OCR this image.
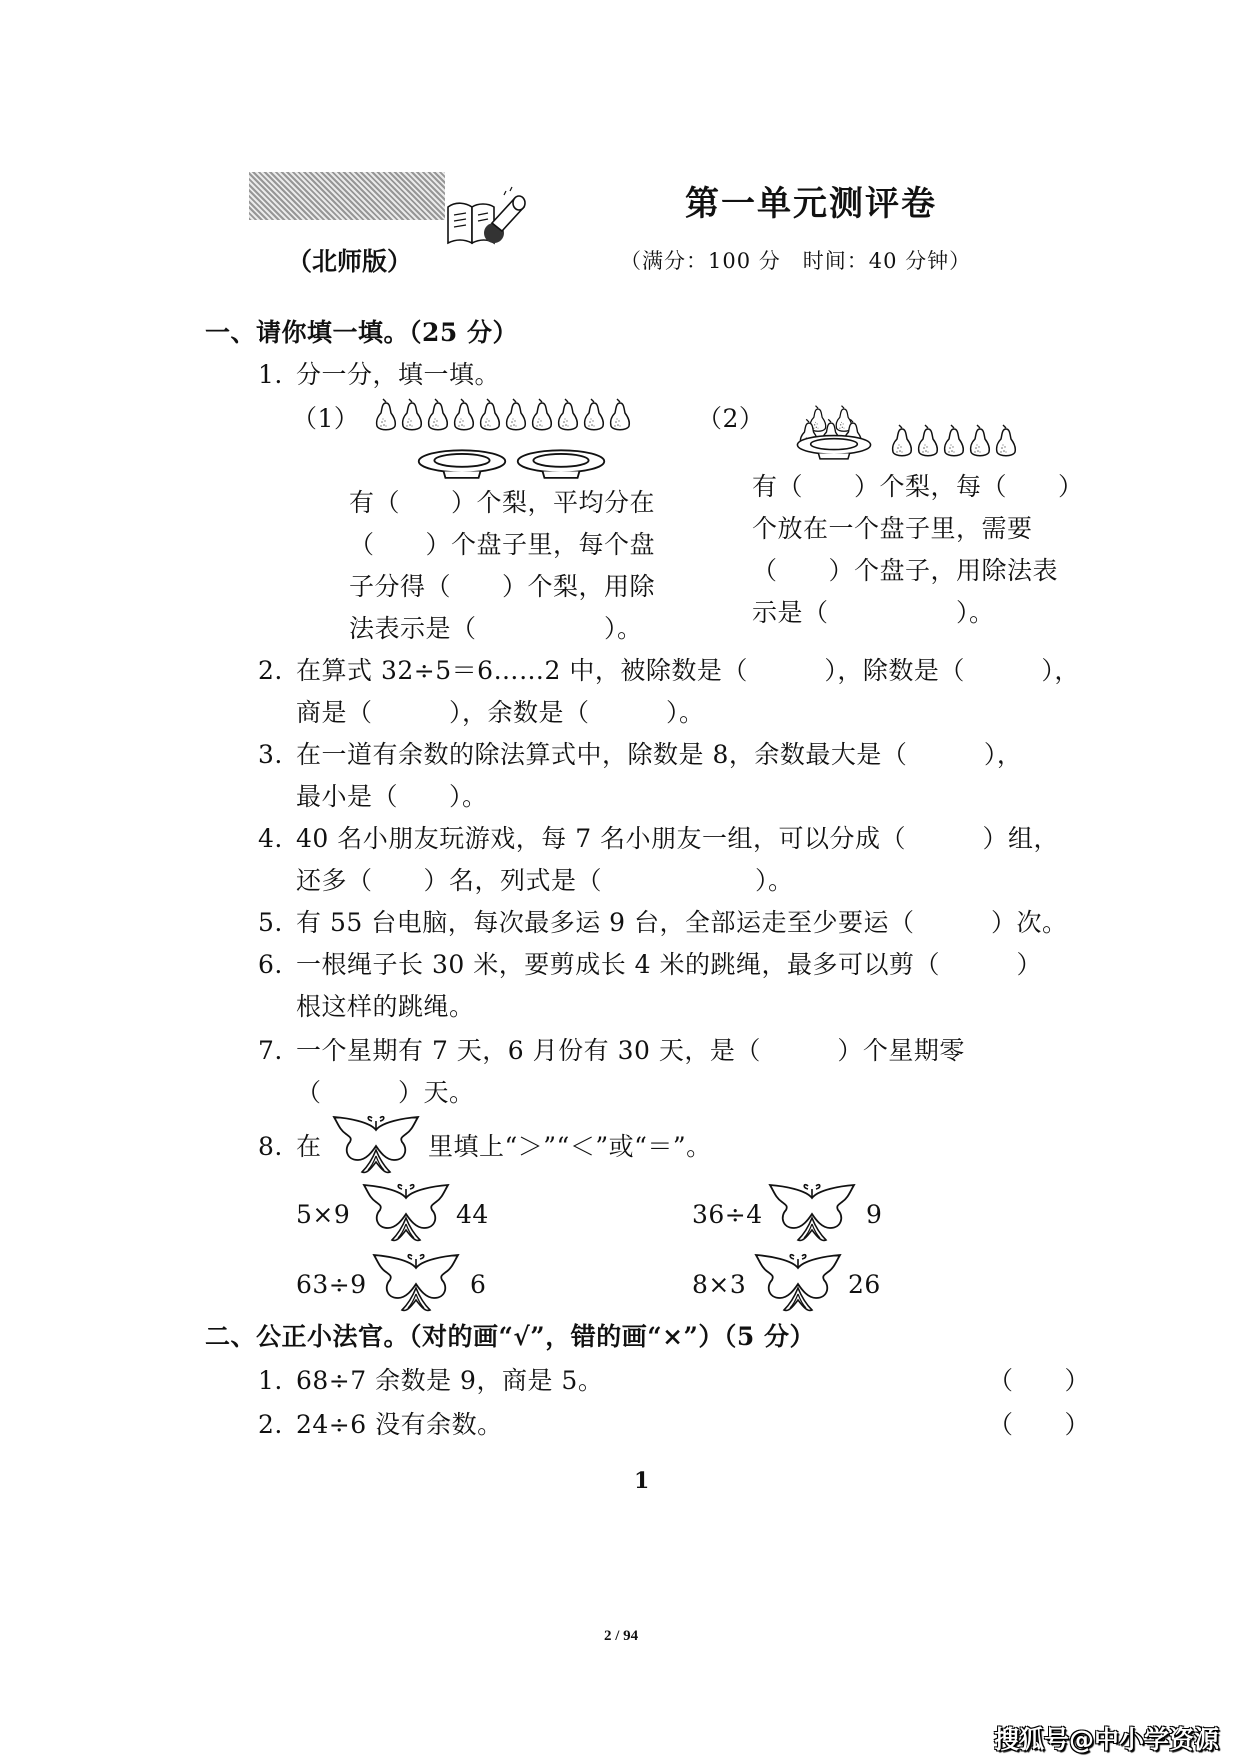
第一单元测评卷
（北师版）	（满分：100 分　时间：40 分钟）
一、请你填一填。（25 分）
1. 分一分，填一填。
（1）
有（　　）个梨，平均分在
（　　）个盘子里，每个盘
子分得（　　）个梨，用除
法表示是（　　　　　）。
（2）
有（　　）个梨，每（　　）
个放在一个盘子里，需要
（　　）个盘子，用除法表
示是（　　　　　）。
2. 在算式 32÷5＝6……2 中，被除数是（　　　），除数是（　　　），
商是（　　　），余数是（　　　）。
3. 在一道有余数的除法算式中，除数是 8，余数最大是（　　　），
最小是（　　）。
4. 40 名小朋友玩游戏，每 7 名小朋友一组，可以分成（　　　）组，
还多（　　）名，列式是（　　　　　　）。
5. 有 55 台电脑，每次最多运 9 台，全部运走至少要运（　　　）次。
6. 一根绳子长 30 米，要剪成长 4 米的跳绳，最多可以剪（　　　）
根这样的跳绳。
7. 一个星期有 7 天，6 月份有 30 天，是（　　　）个星期零
（　　　）天。
8. 在	里填上“＞”“＜”或“＝”。
5×9	44	36÷4	9
63÷9	6	8×3	26
二、公正小法官。（对的画“√”，错的画“×”）（5 分）
1. 68÷7 余数是 9，商是 5。	（　　）
2. 24÷6 没有余数。	（　　）
1
2 / 94
搜狐号@中小学资源
